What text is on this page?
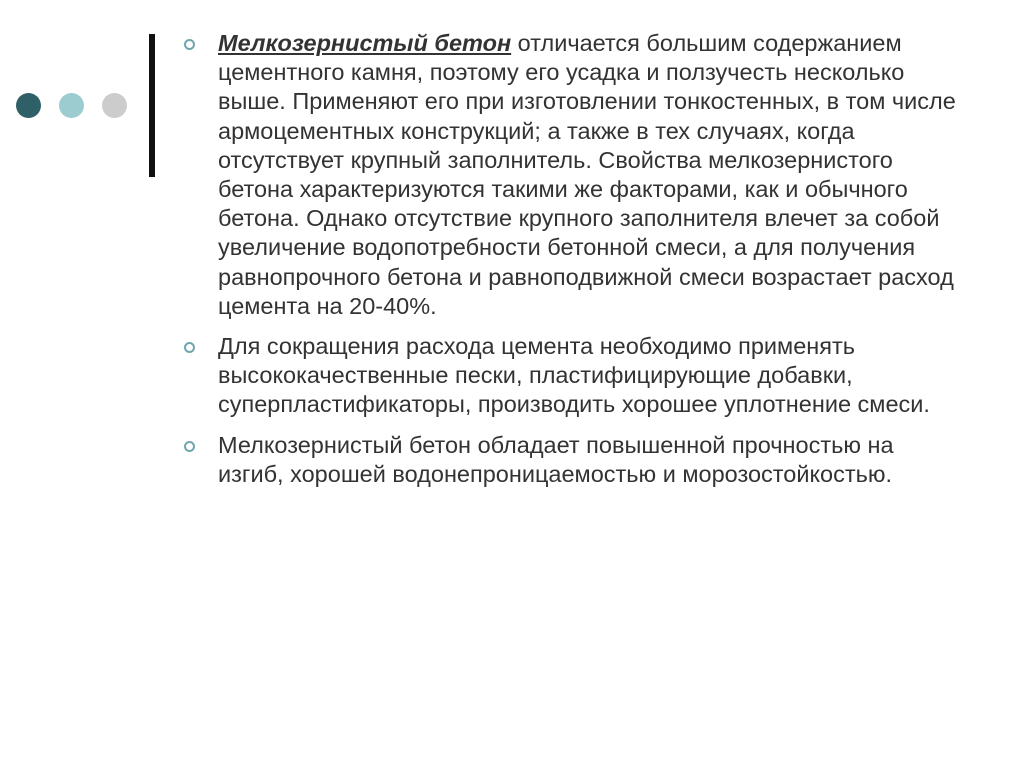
Мелкозернистый бетон отличается большим содержанием цементного камня, поэтому его усадка и ползучесть несколько выше. Применяют его при изготовлении тонкостенных, в том числе армоцементных конструкций; а также в тех случаях, когда отсутствует крупный заполнитель. Свойства мелкозернистого бетона характеризуются такими же факторами, как и обычного бетона. Однако отсутствие крупного заполнителя влечет за собой увеличение водопотребности бетонной смеси, а для получения равнопрочного бетона и равноподвижной смеси возрастает расход цемента на 20-40%.
Для сокращения расхода цемента необходимо применять высококачественные пески, пластифицирующие добавки, суперпластификаторы, производить хорошее уплотнение смеси.
Мелкозернистый бетон обладает повышенной прочностью на изгиб, хорошей водонепроницаемостью и морозостойкостью.
